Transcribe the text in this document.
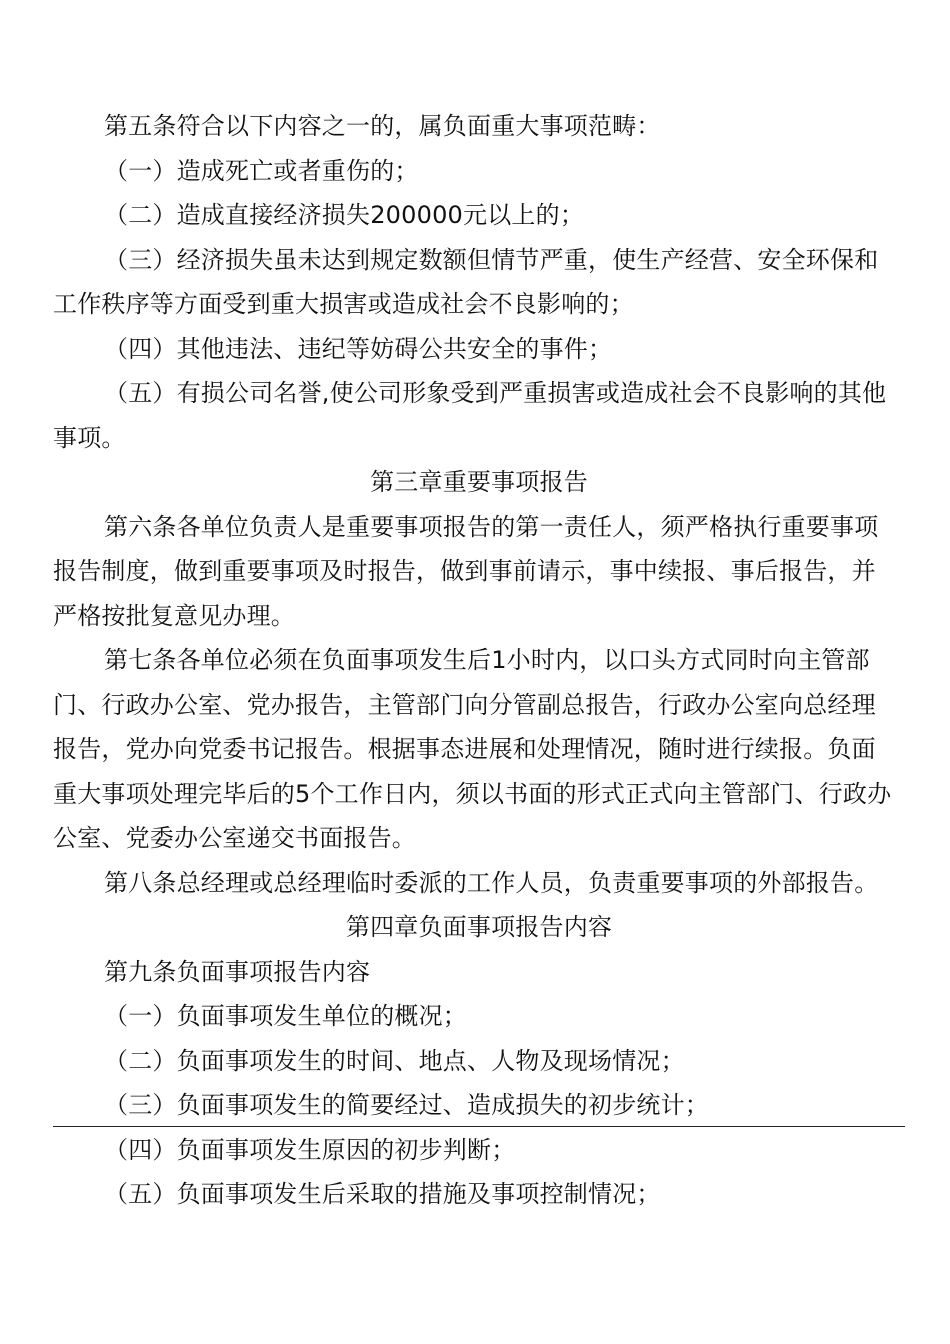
第五条符合以下内容之一的，属负面重大事项范畴：
（一）造成死亡或者重伤的；
（二）造成直接经济损失200000元以上的；
（三）经济损失虽未达到规定数额但情节严重，使生产经营、安全环保和
工作秩序等方面受到重大损害或造成社会不良影响的；
（四）其他违法、违纪等妨碍公共安全的事件；
（五）有损公司名誉,使公司形象受到严重损害或造成社会不良影响的其他
事项。
第三章重要事项报告
第六条各单位负责人是重要事项报告的第一责任人，须严格执行重要事项
报告制度，做到重要事项及时报告，做到事前请示，事中续报、事后报告，并
严格按批复意见办理。
第七条各单位必须在负面事项发生后1小时内，以口头方式同时向主管部
门、行政办公室、党办报告，主管部门向分管副总报告，行政办公室向总经理
报告，党办向党委书记报告。根据事态进展和处理情况，随时进行续报。负面
重大事项处理完毕后的5个工作日内，须以书面的形式正式向主管部门、行政办
公室、党委办公室递交书面报告。
第八条总经理或总经理临时委派的工作人员，负责重要事项的外部报告。
第四章负面事项报告内容
第九条负面事项报告内容
（一）负面事项发生单位的概况；
（二）负面事项发生的时间、地点、人物及现场情况；
（三）负面事项发生的简要经过、造成损失的初步统计；
（四）负面事项发生原因的初步判断；
（五）负面事项发生后采取的措施及事项控制情况；
